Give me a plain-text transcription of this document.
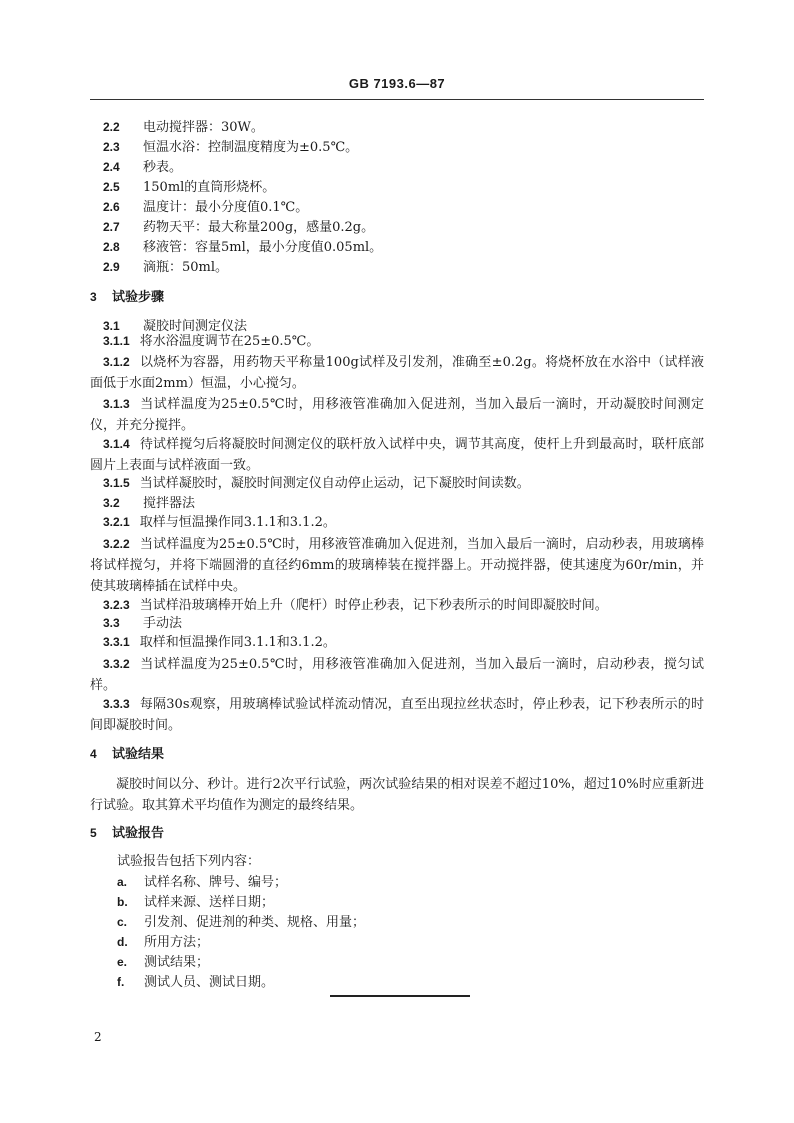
GB 7193.6—87
2.2 电动搅拌器：30W。
2.3 恒温水浴：控制温度精度为±0.5℃。
2.4 秒表。
2.5 150ml的直筒形烧杯。
2.6 温度计：最小分度值0.1℃。
2.7 药物天平：最大称量200g，感量0.2g。
2.8 移液管：容量5ml，最小分度值0.05ml。
2.9 滴瓶：50ml。
3 试验步骤
3.1 凝胶时间测定仪法
3.1.1 将水浴温度调节在25±0.5℃。
3.1.2 以烧杯为容器，用药物天平称量100g试样及引发剂，准确至±0.2g。将烧杯放在水浴中（试样液面低于水面2mm）恒温，小心搅匀。
3.1.3 当试样温度为25±0.5℃时，用移液管准确加入促进剂，当加入最后一滴时，开动凝胶时间测定仪，并充分搅拌。
3.1.4 待试样搅匀后将凝胶时间测定仪的联杆放入试样中央，调节其高度，使杆上升到最高时，联杆底部圆片上表面与试样液面一致。
3.1.5 当试样凝胶时，凝胶时间测定仪自动停止运动，记下凝胶时间读数。
3.2 搅拌器法
3.2.1 取样与恒温操作同3.1.1和3.1.2。
3.2.2 当试样温度为25±0.5℃时，用移液管准确加入促进剂，当加入最后一滴时，启动秒表，用玻璃棒将试样搅匀，并将下端圆滑的直径约6mm的玻璃棒装在搅拌器上。开动搅拌器，使其速度为60r/min，并使其玻璃棒插在试样中央。
3.2.3 当试样沿玻璃棒开始上升（爬杆）时停止秒表，记下秒表所示的时间即凝胶时间。
3.3 手动法
3.3.1 取样和恒温操作同3.1.1和3.1.2。
3.3.2 当试样温度为25±0.5℃时，用移液管准确加入促进剂，当加入最后一滴时，启动秒表，搅匀试样。
3.3.3 每隔30s观察，用玻璃棒试验试样流动情况，直至出现拉丝状态时，停止秒表，记下秒表所示的时间即凝胶时间。
4 试验结果
凝胶时间以分、秒计。进行2次平行试验，两次试验结果的相对误差不超过10%，超过10%时应重新进行试验。取其算术平均值作为测定的最终结果。
5 试验报告
试验报告包括下列内容：
a. 试样名称、牌号、编号；
b. 试样来源、送样日期；
c. 引发剂、促进剂的种类、规格、用量；
d. 所用方法；
e. 测试结果；
f. 测试人员、测试日期。
2
